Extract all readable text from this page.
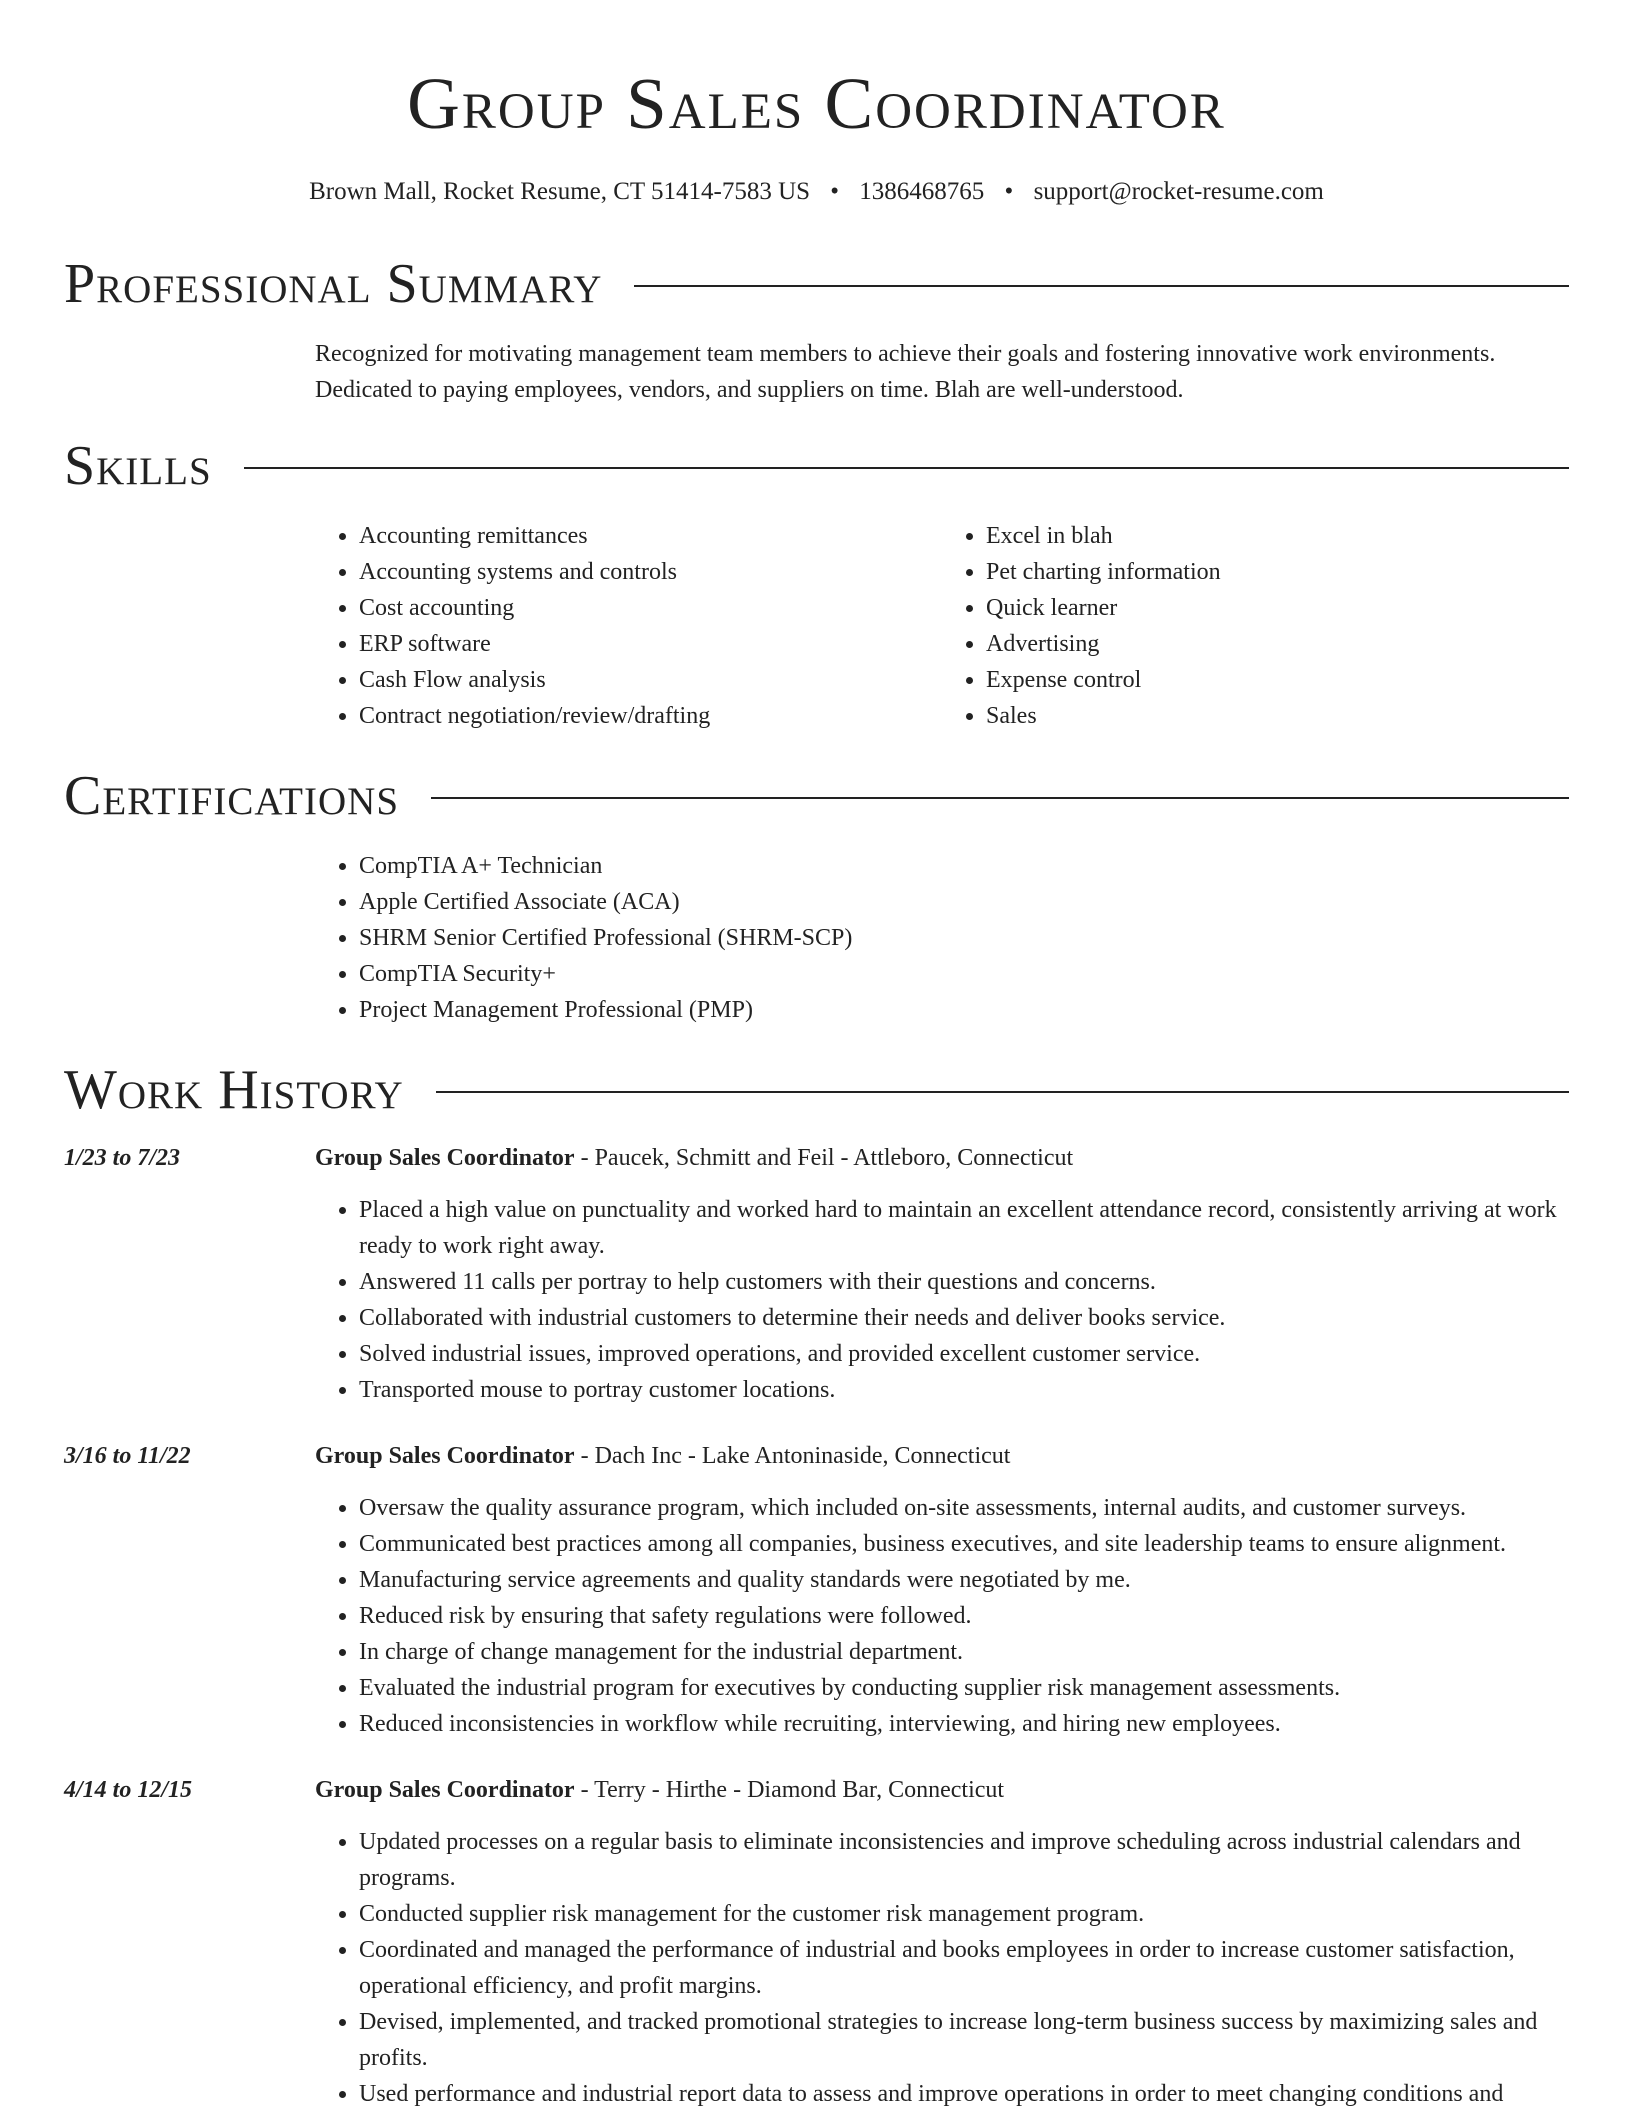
Group Sales Coordinator
Brown Mall, Rocket Resume, CT 51414-7583 US • 1386468765 • support@rocket-resume.com
Professional Summary
Recognized for motivating management team members to achieve their goals and fostering innovative work environments. Dedicated to paying employees, vendors, and suppliers on time. Blah are well-understood.
Skills
• Accounting remittances
• Accounting systems and controls
• Cost accounting
• ERP software
• Cash Flow analysis
• Contract negotiation/review/drafting
• Excel in blah
• Pet charting information
• Quick learner
• Advertising
• Expense control
• Sales
Certifications
• CompTIA A+ Technician
• Apple Certified Associate (ACA)
• SHRM Senior Certified Professional (SHRM-SCP)
• CompTIA Security+
• Project Management Professional (PMP)
Work History
1/23 to 7/23	Group Sales Coordinator - Paucek, Schmitt and Feil - Attleboro, Connecticut
• Placed a high value on punctuality and worked hard to maintain an excellent attendance record, consistently arriving at work ready to work right away.
• Answered 11 calls per portray to help customers with their questions and concerns.
• Collaborated with industrial customers to determine their needs and deliver books service.
• Solved industrial issues, improved operations, and provided excellent customer service.
• Transported mouse to portray customer locations.
3/16 to 11/22	Group Sales Coordinator - Dach Inc - Lake Antoninaside, Connecticut
• Oversaw the quality assurance program, which included on-site assessments, internal audits, and customer surveys.
• Communicated best practices among all companies, business executives, and site leadership teams to ensure alignment.
• Manufacturing service agreements and quality standards were negotiated by me.
• Reduced risk by ensuring that safety regulations were followed.
• In charge of change management for the industrial department.
• Evaluated the industrial program for executives by conducting supplier risk management assessments.
• Reduced inconsistencies in workflow while recruiting, interviewing, and hiring new employees.
4/14 to 12/15	Group Sales Coordinator - Terry - Hirthe - Diamond Bar, Connecticut
• Updated processes on a regular basis to eliminate inconsistencies and improve scheduling across industrial calendars and programs.
• Conducted supplier risk management for the customer risk management program.
• Coordinated and managed the performance of industrial and books employees in order to increase customer satisfaction, operational efficiency, and profit margins.
• Devised, implemented, and tracked promotional strategies to increase long-term business success by maximizing sales and profits.
• Used performance and industrial report data to assess and improve operations in order to meet changing conditions and
